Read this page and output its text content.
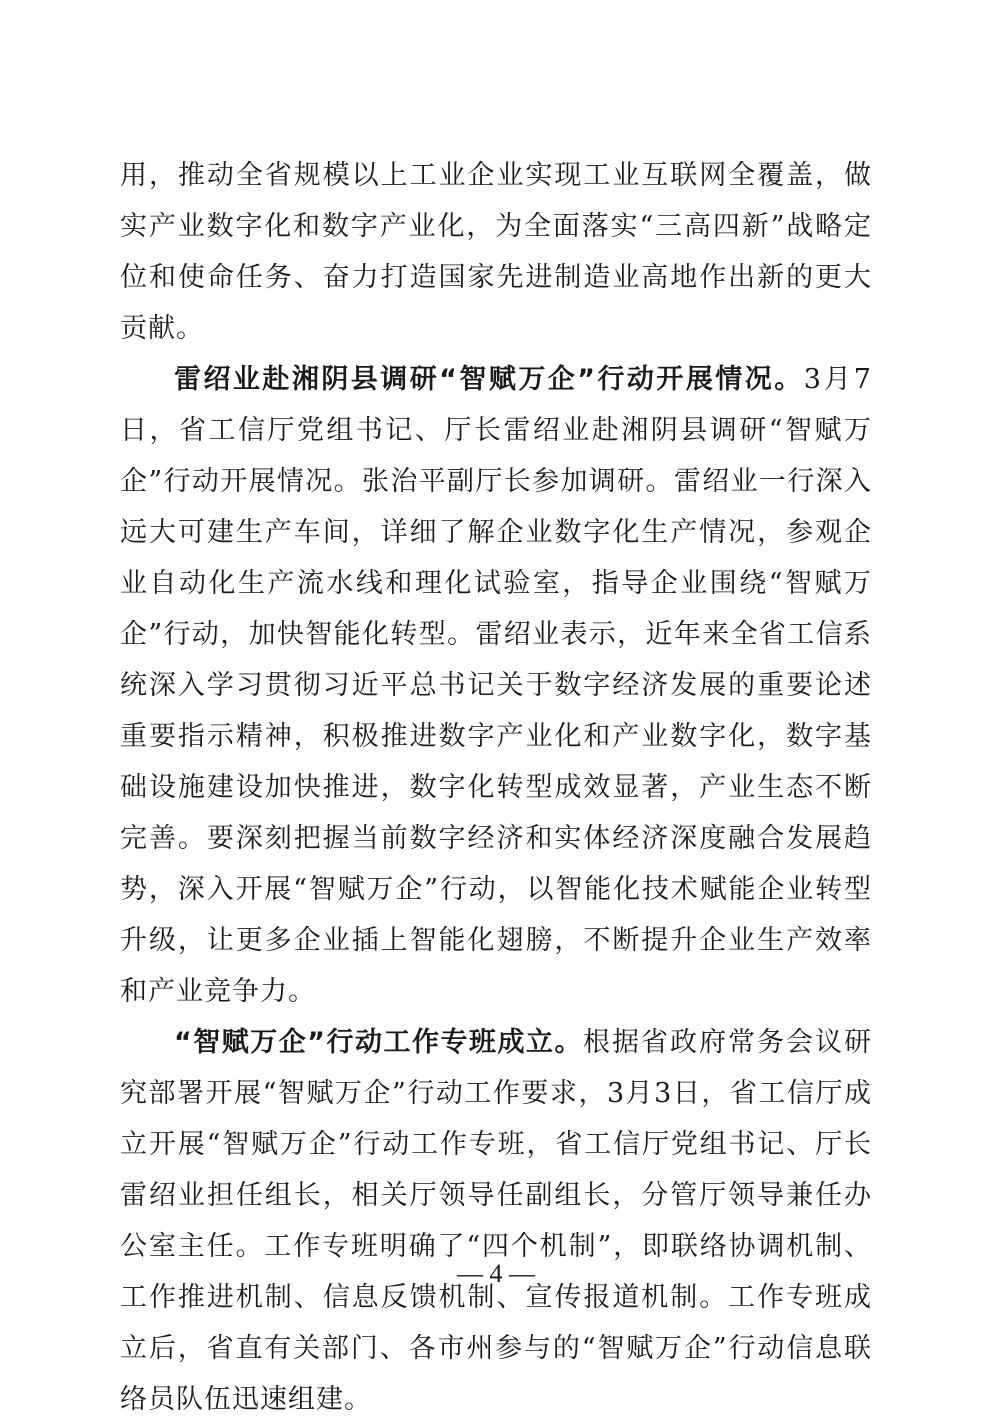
用，推动全省规模以上工业企业实现工业互联网全覆盖，做实产业数字化和数字产业化，为全面落实“三高四新”战略定位和使命任务、奋力打造国家先进制造业高地作出新的更大贡献。

雷绍业赴湘阴县调研“智赋万企”行动开展情况。3月7日，省工信厅党组书记、厅长雷绍业赴湘阴县调研“智赋万企”行动开展情况。张治平副厅长参加调研。雷绍业一行深入远大可建生产车间，详细了解企业数字化生产情况，参观企业自动化生产流水线和理化试验室，指导企业围绕“智赋万企”行动，加快智能化转型。雷绍业表示，近年来全省工信系统深入学习贯彻习近平总书记关于数字经济发展的重要论述重要指示精神，积极推进数字产业化和产业数字化，数字基础设施建设加快推进，数字化转型成效显著，产业生态不断完善。要深刻把握当前数字经济和实体经济深度融合发展趋势，深入开展“智赋万企”行动，以智能化技术赋能企业转型升级，让更多企业插上智能化翅膀，不断提升企业生产效率和产业竞争力。

“智赋万企”行动工作专班成立。根据省政府常务会议研究部署开展“智赋万企”行动工作要求，3月3日，省工信厅成立开展“智赋万企”行动工作专班，省工信厅党组书记、厅长雷绍业担任组长，相关厅领导任副组长，分管厅领导兼任办公室主任。工作专班明确了“四个机制”，即联络协调机制、工作推进机制、信息反馈机制、宣传报道机制。工作专班成立后，省直有关部门、各市州参与的“智赋万企”行动信息联络员队伍迅速组建。

— 4 —
